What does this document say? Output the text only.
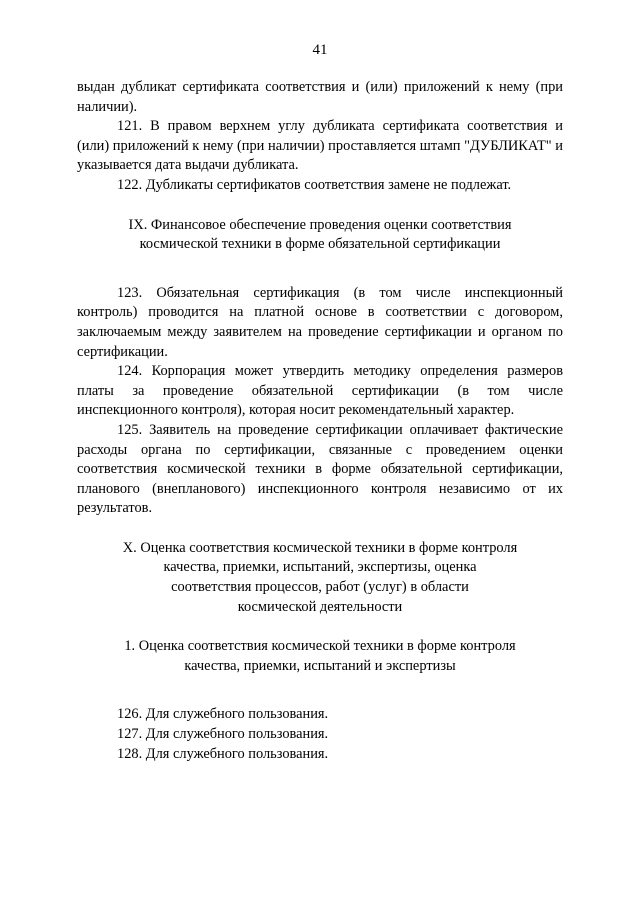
41

выдан дубликат сертификата соответствия и (или) приложений к нему (при наличии).

121. В правом верхнем углу дубликата сертификата соответствия и (или) приложений к нему (при наличии) проставляется штамп "ДУБЛИКАТ" и указывается дата выдачи дубликата.

122. Дубликаты сертификатов соответствия замене не подлежат.

IX. Финансовое обеспечение проведения оценки соответствия
космической техники в форме обязательной сертификации

123. Обязательная сертификация (в том числе инспекционный контроль) проводится на платной основе в соответствии с договором, заключаемым между заявителем на проведение сертификации и органом по сертификации.

124. Корпорация может утвердить методику определения размеров платы за проведение обязательной сертификации (в том числе инспекционного контроля), которая носит рекомендательный характер.

125. Заявитель на проведение сертификации оплачивает фактические расходы органа по сертификации, связанные с проведением оценки соответствия космической техники в форме обязательной сертификации, планового (внепланового) инспекционного контроля независимо от их результатов.

X. Оценка соответствия космической техники в форме контроля
качества, приемки, испытаний, экспертизы, оценка
соответствия процессов, работ (услуг) в области
космической деятельности
1. Оценка соответствия космической техники в форме контроля
качества, приемки, испытаний и экспертизы

126. Для служебного пользования.

127. Для служебного пользования.

128. Для служебного пользования.
